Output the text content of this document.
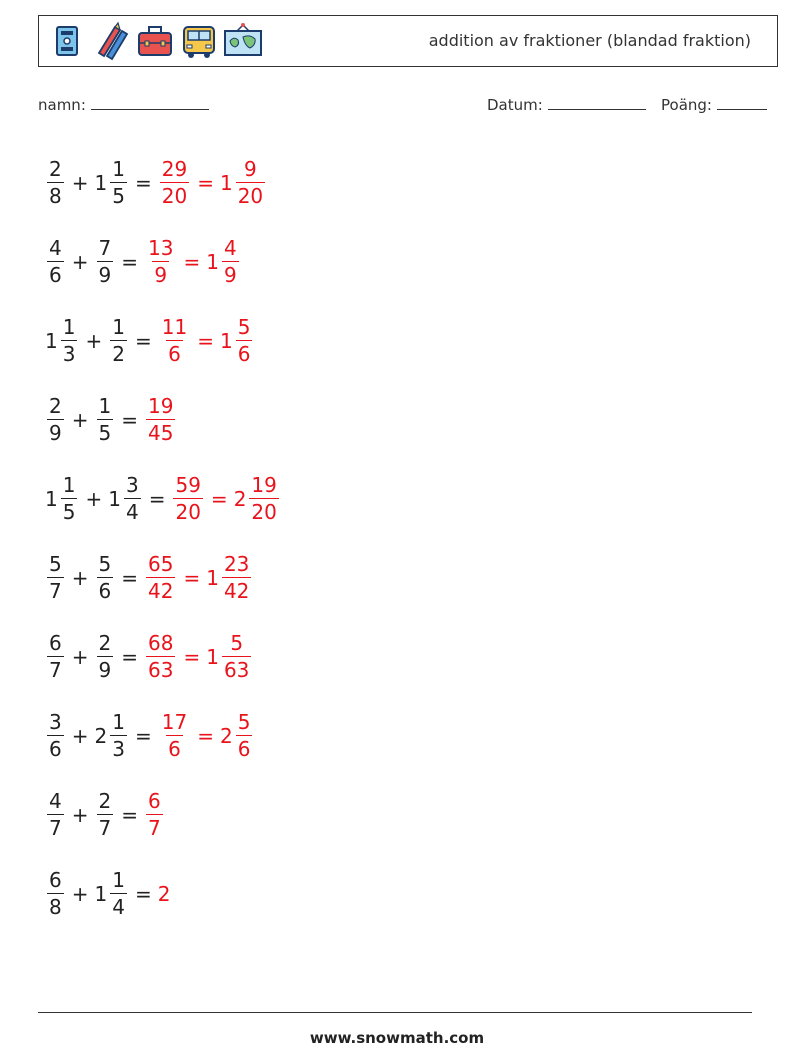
addition av fraktioner (blandad fraktion)
namn:	Datum:	Poäng:
$\frac{2}{8} + 1 \frac{1}{5} = \frac{29}{20} = 1 \frac{9}{20}$
$\frac{4}{6} + \frac{7}{9} = \frac{13}{9} = 1 \frac{4}{9}$
$1 \frac{1}{3} + \frac{1}{2} = \frac{11}{6} = 1 \frac{5}{6}$
$\frac{2}{9} + \frac{1}{5} = \frac{19}{45}$
$1 \frac{1}{5} + 1 \frac{3}{4} = \frac{59}{20} = 2 \frac{19}{20}$
$\frac{5}{7} + \frac{5}{6} = \frac{65}{42} = 1 \frac{23}{42}$
$\frac{6}{7} + \frac{2}{9} = \frac{68}{63} = 1 \frac{5}{63}$
$\frac{3}{6} + 2 \frac{1}{3} = \frac{17}{6} = 2 \frac{5}{6}$
$\frac{4}{7} + \frac{2}{7} = \frac{6}{7}$
$\frac{6}{8} + 1 \frac{1}{4} = 2$
www.snowmath.com
